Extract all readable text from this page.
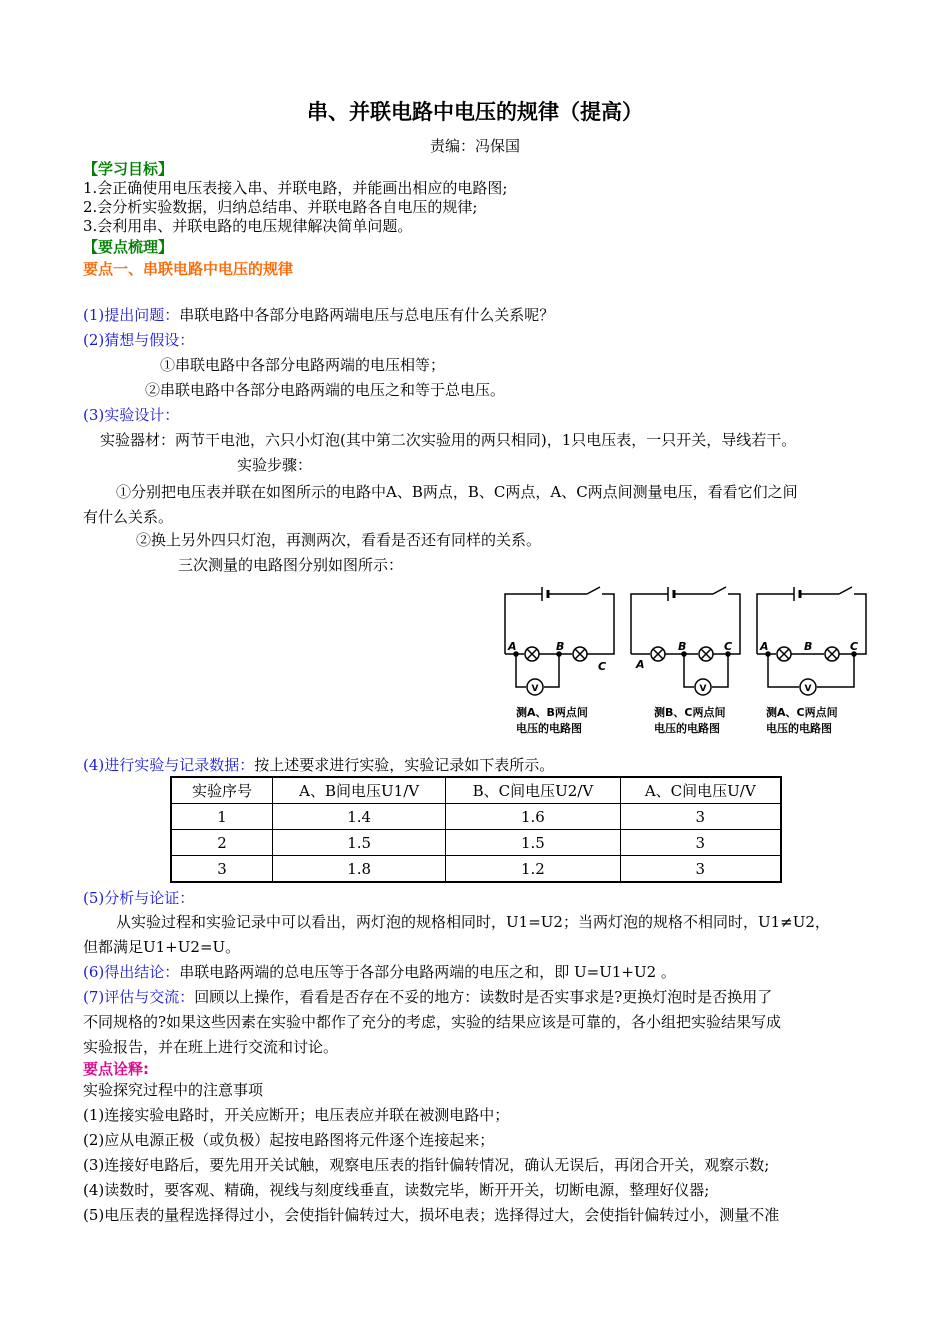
串、并联电路中电压的规律（提高）
责编：冯保国
【学习目标】
1.会正确使用电压表接入串、并联电路，并能画出相应的电路图;
2.会分析实验数据，归纳总结串、并联电路各自电压的规律;
3.会利用串、并联电路的电压规律解决简单问题。
【要点梳理】
要点一、串联电路中电压的规律
(1)提出问题：串联电路中各部分电路两端电压与总电压有什么关系呢？
(2)猜想与假设：
①串联电路中各部分电路两端的电压相等；
②串联电路中各部分电路两端的电压之和等于总电压。
(3)实验设计：
实验器材：两节干电池，六只小灯泡(其中第二次实验用的两只相同)，1只电压表，一只开关，导线若干。
实验步骤：
①分别把电压表并联在如图所示的电路中A、B两点，B、C两点，A、C两点间测量电压，看看它们之间
有什么关系。
②换上另外四只灯泡，再测两次，看看是否还有同样的关系。
三次测量的电路图分别如图所示：
A	B
C	A
B	C	A	B	C
V	V	V
测A、B两点间
电压的电路图
测B、C两点间
电压的电路图
测A、C两点间
电压的电路图
(4)进行实验与记录数据：按上述要求进行实验，实验记录如下表所示。
实验序号	A、B间电压U1/V	B、C间电压U2/V	A、C间电压U/V
1	1.4	1.6	3
2	1.5	1.5	3
3	1.8	1.2	3
(5)分析与论证：
从实验过程和实验记录中可以看出，两灯泡的规格相同时，U1=U2；当两灯泡的规格不相同时，U1≠U2，
但都满足U1+U2=U。
(6)得出结论：串联电路两端的总电压等于各部分电路两端的电压之和，即 U=U1+U2 。
(7)评估与交流：回顾以上操作，看看是否存在不妥的地方：读数时是否实事求是?更换灯泡时是否换用了
不同规格的?如果这些因素在实验中都作了充分的考虑，实验的结果应该是可靠的，各小组把实验结果写成
实验报告，并在班上进行交流和讨论。
要点诠释:
实验探究过程中的注意事项
(1)连接实验电路时，开关应断开；电压表应并联在被测电路中；
(2)应从电源正极（或负极）起按电路图将元件逐个连接起来；
(3)连接好电路后，要先用开关试触，观察电压表的指针偏转情况，确认无误后，再闭合开关，观察示数;
(4)读数时，要客观、精确，视线与刻度线垂直，读数完毕，断开开关，切断电源，整理好仪器;
(5)电压表的量程选择得过小，会使指针偏转过大，损坏电表；选择得过大，会使指针偏转过小，测量不准
